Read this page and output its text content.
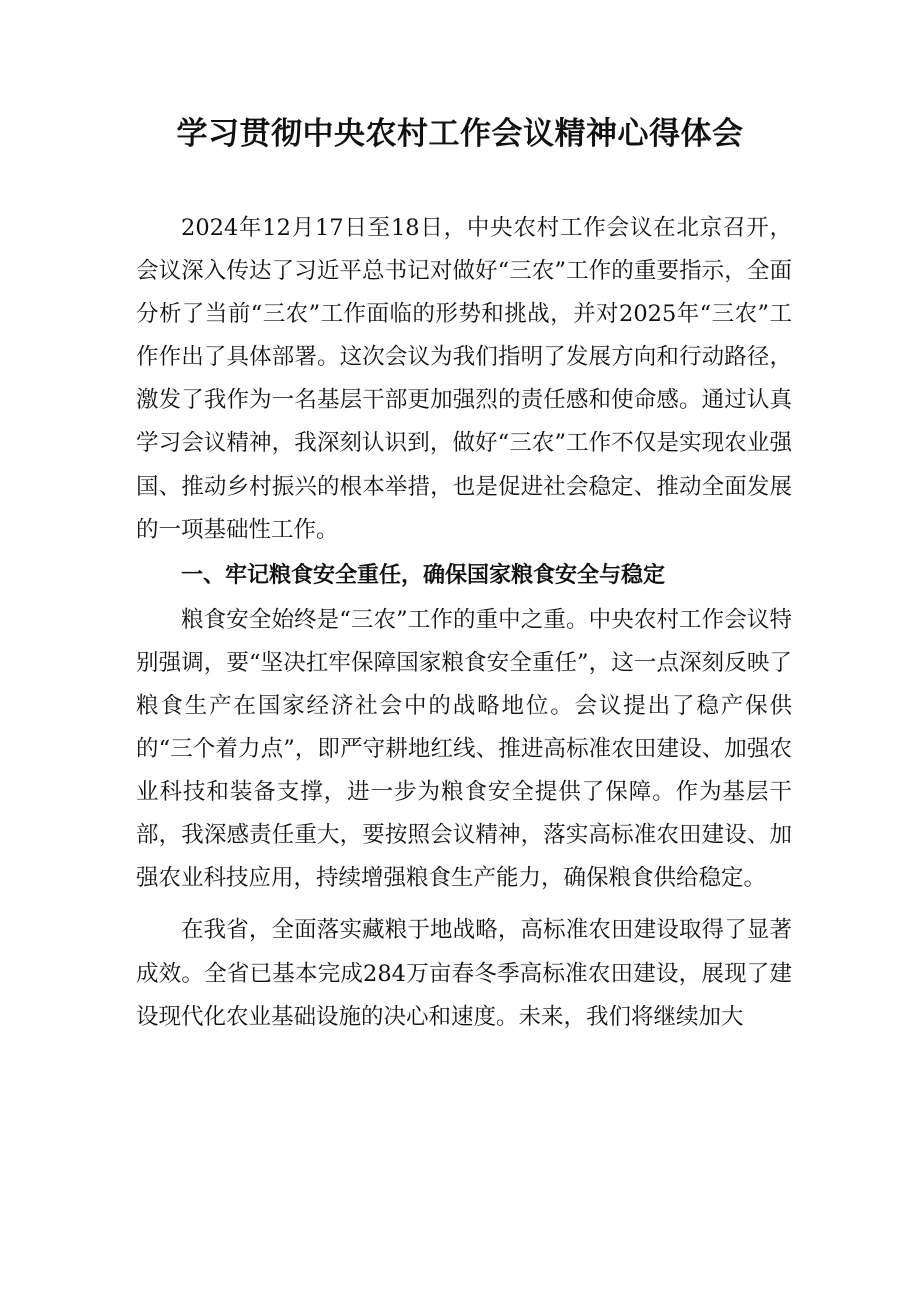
学习贯彻中央农村工作会议精神心得体会

2024年12月17日至18日，中央农村工作会议在北京召开，会议深入传达了习近平总书记对做好“三农”工作的重要指示，全面分析了当前“三农”工作面临的形势和挑战，并对2025年“三农”工作作出了具体部署。这次会议为我们指明了发展方向和行动路径，激发了我作为一名基层干部更加强烈的责任感和使命感。通过认真学习会议精神，我深刻认识到，做好“三农”工作不仅是实现农业强国、推动乡村振兴的根本举措，也是促进社会稳定、推动全面发展的一项基础性工作。

一、牢记粮食安全重任，确保国家粮食安全与稳定

粮食安全始终是“三农”工作的重中之重。中央农村工作会议特别强调，要“坚决扛牢保障国家粮食安全重任”，这一点深刻反映了粮食生产在国家经济社会中的战略地位。会议提出了稳产保供的“三个着力点”，即严守耕地红线、推进高标准农田建设、加强农业科技和装备支撑，进一步为粮食安全提供了保障。作为基层干部，我深感责任重大，要按照会议精神，落实高标准农田建设、加强农业科技应用，持续增强粮食生产能力，确保粮食供给稳定。

在我省，全面落实藏粮于地战略，高标准农田建设取得了显著成效。全省已基本完成284万亩春冬季高标准农田建设，展现了建设现代化农业基础设施的决心和速度。未来，我们将继续加大
